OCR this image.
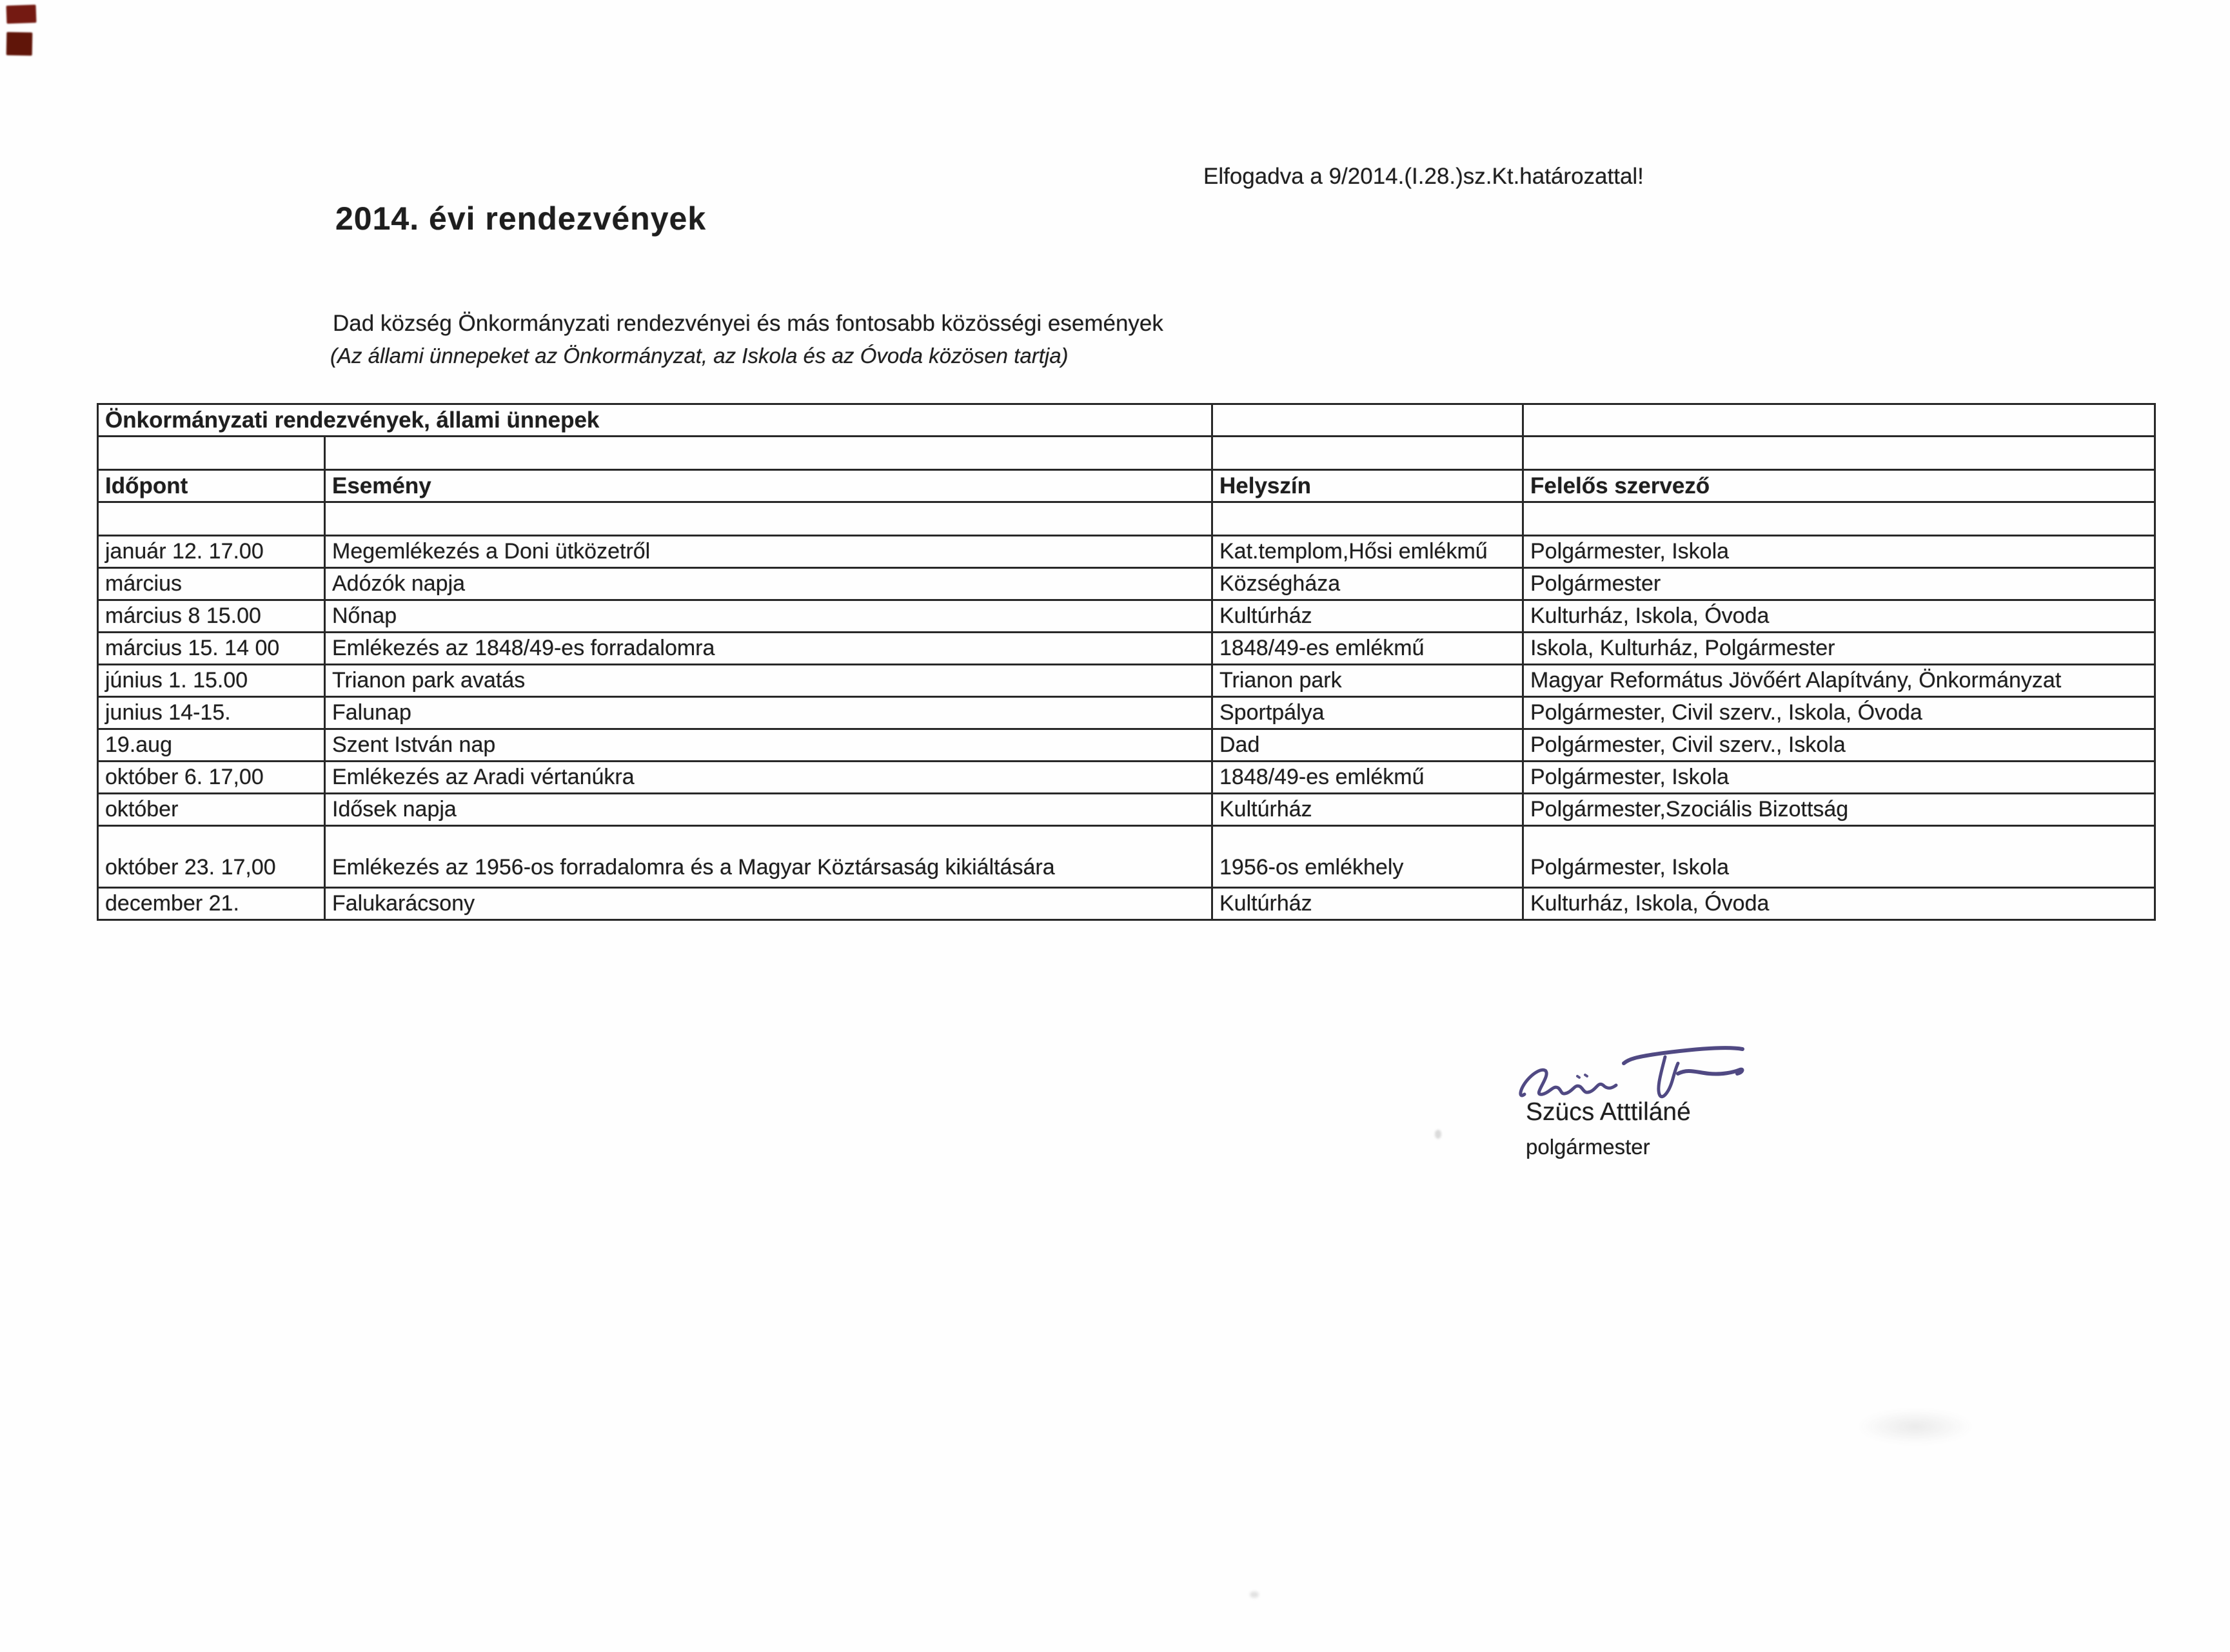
Elfogadva a 9/2014.(I.28.)sz.Kt.határozattal!
2014. évi rendezvények
Dad község Önkormányzati rendezvényei és más fontosabb közösségi események
(Az állami ünnepeket az Önkormányzat, az Iskola és az Óvoda közösen tartja)
Önkormányzati rendezvények, állami ünnepek			

Időpont	Esemény	Helyszín	Felelős szervező

január 12. 17.00	Megemlékezés a Doni ütközetről	Kat.templom,Hősi emlékmű	Polgármester, Iskola
március	Adózók napja	Községháza	Polgármester
március 8 15.00	Nőnap	Kultúrház	Kulturház, Iskola, Óvoda
március 15. 14 00	Emlékezés az 1848/49-es forradalomra	1848/49-es emlékmű	Iskola, Kulturház, Polgármester
június 1. 15.00	Trianon park avatás	Trianon park	Magyar Református Jövőért Alapítvány, Önkormányzat
junius 14-15.	Falunap	Sportpálya	Polgármester, Civil szerv., Iskola, Óvoda
19.aug	Szent István nap	Dad	Polgármester, Civil szerv., Iskola
október 6. 17,00	Emlékezés az Aradi vértanúkra	1848/49-es emlékmű	Polgármester, Iskola
október	Idősek napja	Kultúrház	Polgármester,Szociális Bizottság
október 23. 17,00	Emlékezés az 1956-os forradalomra és a Magyar Köztársaság kikiáltására	1956-os emlékhely	Polgármester, Iskola
december 21.	Falukarácsony	Kultúrház	Kulturház, Iskola, Óvoda
Szücs Atttiláné
polgármester
